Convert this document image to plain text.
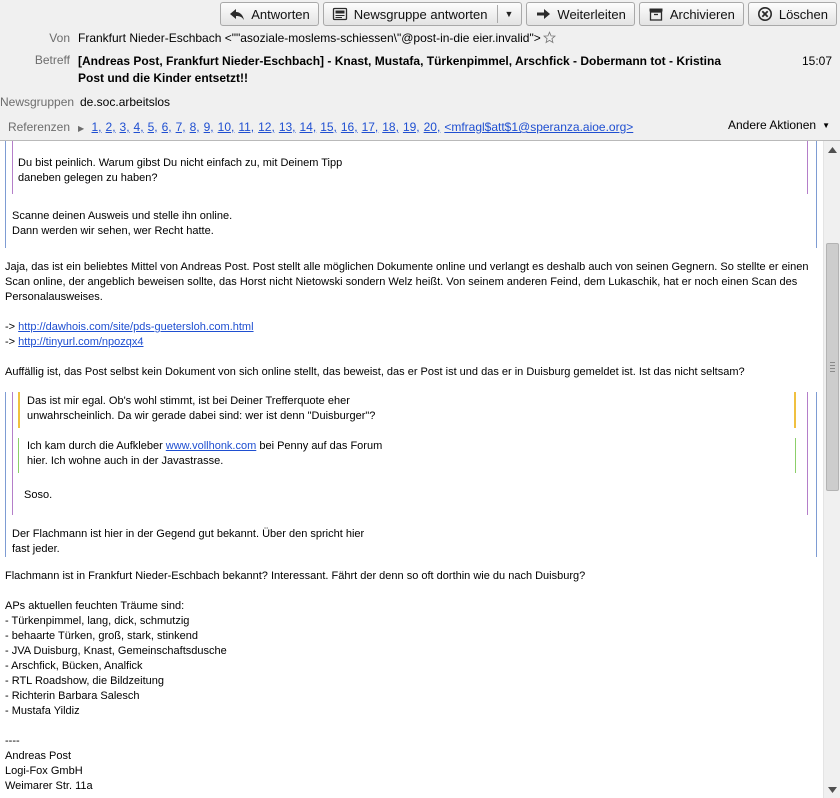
Antworten	Newsgruppe antworten ▼	Weiterleiten	Archivieren	Löschen
Von Frankfurt Nieder-Eschbach <""asoziale-moslems-schiessen\"@post-in-die eier.invalid">
Betreff [Andreas Post, Frankfurt Nieder-Eschbach] - Knast, Mustafa, Türkenpimmel, Arschfick - Dobermann tot - Kristina Post und die Kinder entsetzt!!
15:07
Newsgruppen de.soc.arbeitslos
Referenzen	▶ 1, 2, 3, 4, 5, 6, 7, 8, 9, 10, 11, 12, 13, 14, 15, 16, 17, 18, 19, 20, <mfragl$att$1@speranza.aioe.org>	Andere Aktionen ▼

Du bist peinlich. Warum gibst Du nicht einfach zu, mit Deinem Tipp

daneben gelegen zu haben?

Scanne deinen Ausweis und stelle ihn online.

Dann werden wir sehen, wer Recht hatte.

Jaja, das ist ein beliebtes Mittel von Andreas Post. Post stellt alle möglichen Dokumente online und verlangt es deshalb auch von seinen Gegnern. So stellte er einen Scan online, der angeblich beweisen sollte, das Horst nicht Nietowski sondern Welz heißt. Von seinem anderen Feind, dem Lukaschik, hat er noch einen Scan des Personalausweises.

-> http://dawhois.com/site/pds-guetersloh.com.html

-> http://tinyurl.com/npozqx4

Auffällig ist, das Post selbst kein Dokument von sich online stellt, das beweist, das er Post ist und das er in Duisburg gemeldet ist. Ist das nicht seltsam?

Das ist mir egal. Ob's wohl stimmt, ist bei Deiner Trefferquote eher

unwahrscheinlich. Da wir gerade dabei sind: wer ist denn "Duisburger"?

Ich kam durch die Aufkleber www.vollhonk.com bei Penny auf das Forum

hier. Ich wohne auch in der Javastrasse.

Soso.

Der Flachmann ist hier in der Gegend gut bekannt. Über den spricht hier

fast jeder.

Flachmann ist in Frankfurt Nieder-Eschbach bekannt? Interessant. Fährt der denn so oft dorthin wie du nach Duisburg?

APs aktuellen feuchten Träume sind:

- Türkenpimmel, lang, dick, schmutzig

- behaarte Türken, groß, stark, stinkend

- JVA Duisburg, Knast, Gemeinschaftsdusche

- Arschfick, Bücken, Analfick

- RTL Roadshow, die Bildzeitung

- Richterin Barbara Salesch

- Mustafa Yildiz

----

Andreas Post

Logi-Fox GmbH

Weimarer Str. 11a
